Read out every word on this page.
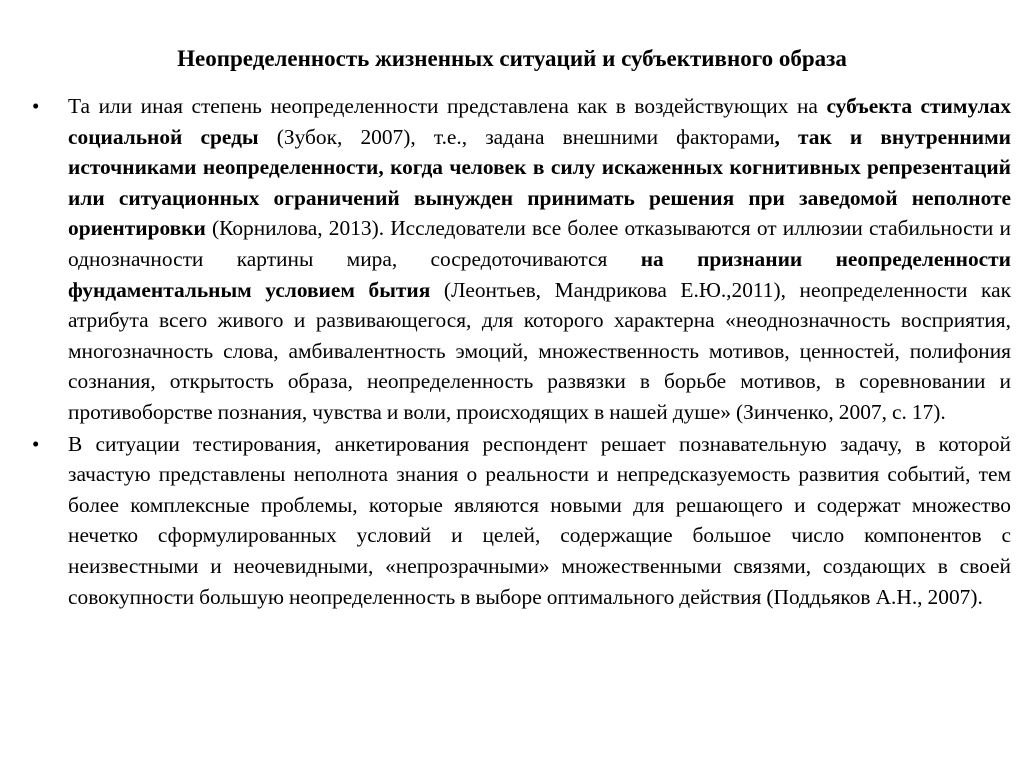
Неопределенность жизненных ситуаций и субъективного образа
• Та или иная степень неопределенности представлена как в воздействующих на субъекта стимулах социальной среды (Зубок, 2007), т.е., задана внешними факторами, так и внутренними источниками неопределенности, когда человек в силу искаженных когнитивных репрезентаций или ситуационных ограничений вынужден принимать решения при заведомой неполноте ориентировки (Корнилова, 2013). Исследователи все более отказываются от иллюзии стабильности и однозначности картины мира, сосредоточиваются на признании неопределенности фундаментальным условием бытия (Леонтьев, Мандрикова Е.Ю.,2011), неопределенности как атрибута всего живого и развивающегося, для которого характерна «неоднозначность восприятия, многозначность слова, амбивалентность эмоций, множественность мотивов, ценностей, полифония сознания, открытость образа, неопределенность развязки в борьбе мотивов, в соревновании и противоборстве познания, чувства и воли, происходящих в нашей душе» (Зинченко, 2007, с. 17).
• В ситуации тестирования, анкетирования респондент решает познавательную задачу, в которой зачастую представлены неполнота знания о реальности и непредсказуемость развития событий, тем более комплексные проблемы, которые являются новыми для решающего и содержат множество нечетко сформулированных условий и целей, содержащие большое число компонентов с неизвестными и неочевидными, «непрозрачными» множественными связями, создающих в своей совокупности большую неопределенность в выборе оптимального действия (Поддьяков А.Н., 2007).
